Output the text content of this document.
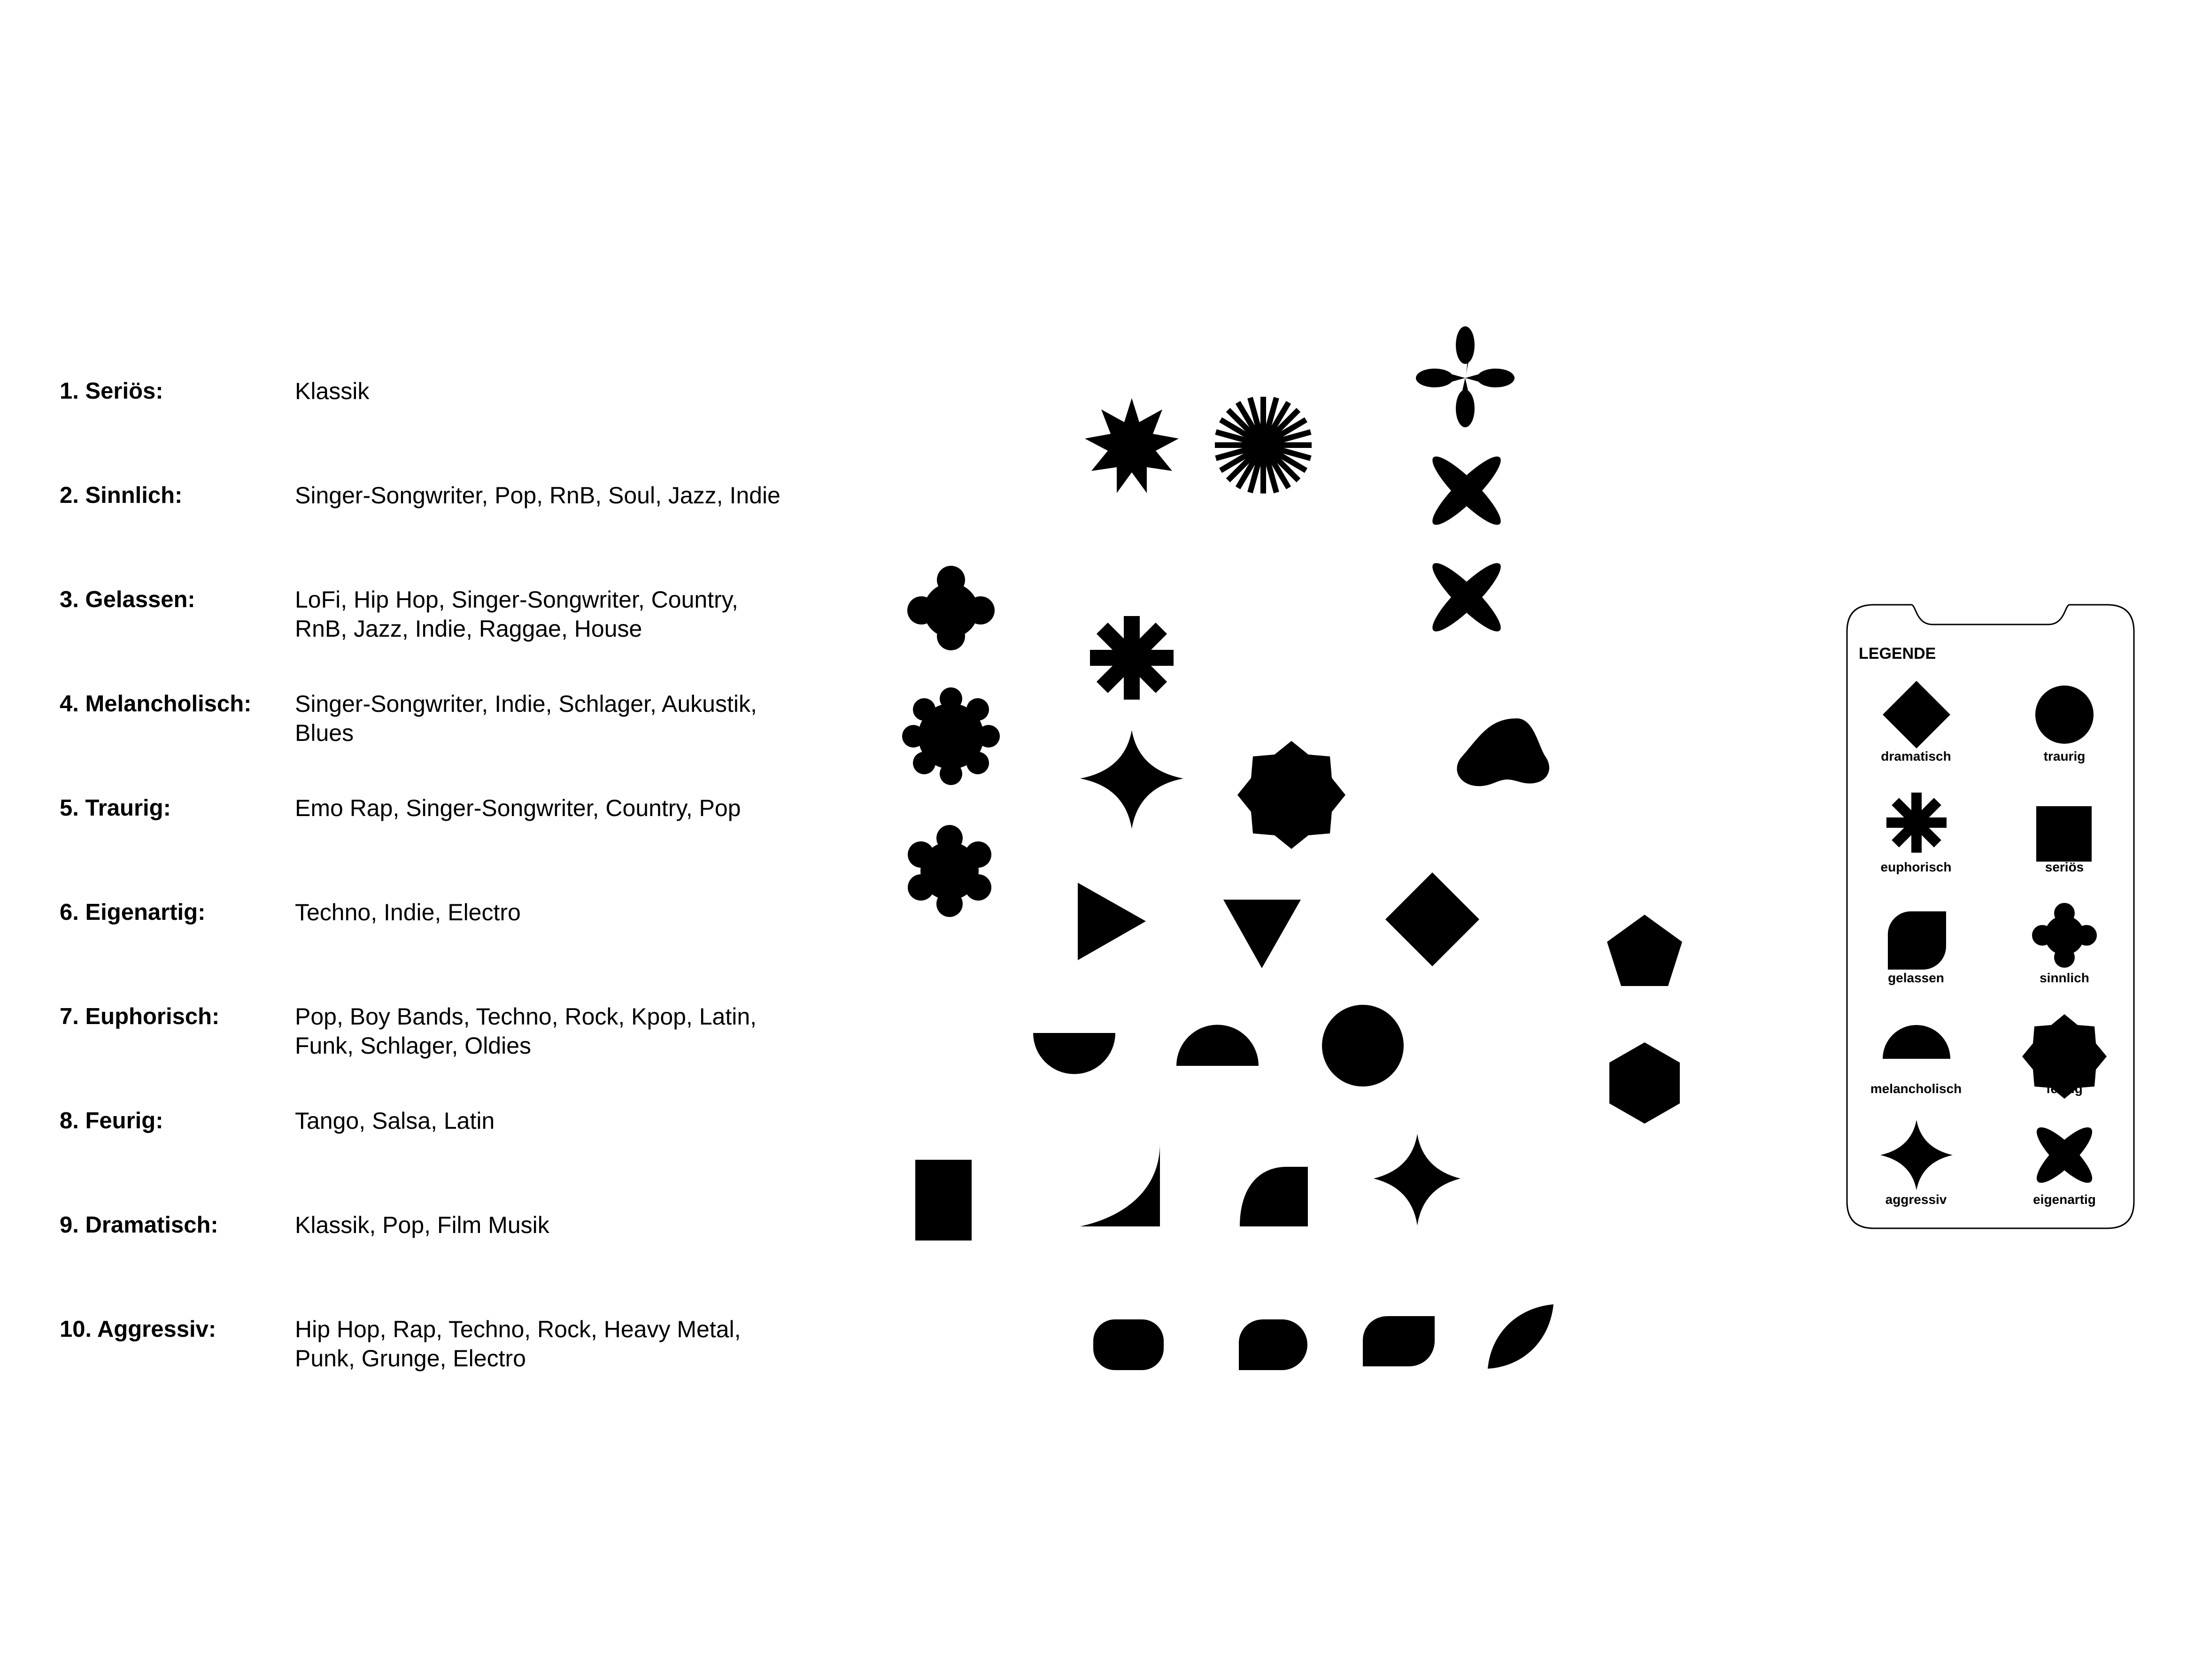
1. Seriös:	Klassik
2. Sinnlich:	Singer-Songwriter, Pop, RnB, Soul, Jazz, Indie
3. Gelassen:	LoFi, Hip Hop, Singer-Songwriter, Country, RnB, Jazz, Indie, Raggae, House
4. Melancholisch: Singer-Songwriter, Indie, Schlager, Aukustik, Blues
5. Traurig:	Emo Rap, Singer-Songwriter, Country, Pop
6. Eigenartig:	Techno, Indie, Electro
7. Euphorisch:	Pop, Boy Bands, Techno, Rock, Kpop, Latin, Funk, Schlager, Oldies
8. Feurig:	Tango, Salsa, Latin
9. Dramatisch:	Klassik, Pop, Film Musik
10. Aggressiv:	Hip Hop, Rap, Techno, Rock, Heavy Metal, Punk, Grunge, Electro
LEGENDE
dramatisch	traurig
euphorisch	seriös
gelassen	sinnlich
melancholisch	feurig
aggressiv	eigenartig
